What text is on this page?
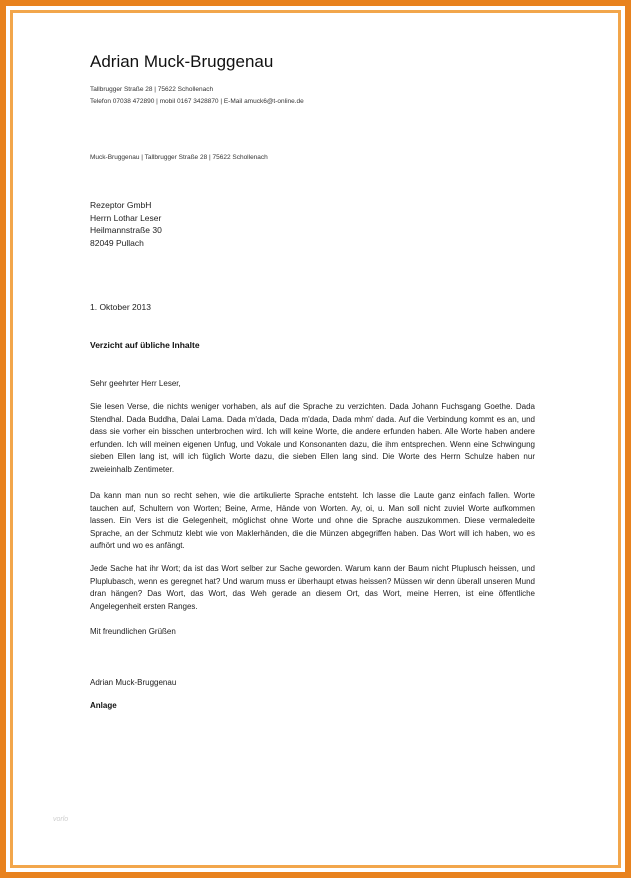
Adrian Muck-Bruggenau
Tallbrugger Straße 28 | 75622 Schollenach
Telefon 07038 472890 | mobil 0167 3428870 | E-Mail amuck6@t-online.de
Muck-Bruggenau | Tallbrugger Straße 28 | 75622 Schollenach
Rezeptor GmbH
Herrn Lothar Leser
Heilmannstraße 30
82049 Pullach
1. Oktober 2013
Verzicht auf übliche Inhalte
Sehr geehrter Herr Leser,
Sie lesen Verse, die nichts weniger vorhaben, als auf die Sprache zu verzichten. Dada Johann Fuchsgang Goethe. Dada Stendhal. Dada Buddha, Dalai Lama. Dada m'dada, Dada m'dada, Dada mhm' dada. Auf die Verbindung kommt es an, und dass sie vorher ein bisschen unterbrochen wird. Ich will keine Worte, die andere erfunden haben. Alle Worte haben andere erfunden. Ich will meinen eigenen Unfug, und Vokale und Konsonanten dazu, die ihm entsprechen. Wenn eine Schwingung sieben Ellen lang ist, will ich füglich Worte dazu, die sieben Ellen lang sind. Die Worte des Herrn Schulze haben nur zweieinhalb Zentimeter.
Da kann man nun so recht sehen, wie die artikulierte Sprache entsteht. Ich lasse die Laute ganz einfach fallen. Worte tauchen auf, Schultern von Worten; Beine, Arme, Hände von Worten. Ay, oi, u. Man soll nicht zuviel Worte aufkommen lassen. Ein Vers ist die Gelegenheit, möglichst ohne Worte und ohne die Sprache auszukommen. Diese vermaledeite Sprache, an der Schmutz klebt wie von Maklerhänden, die die Münzen abgegriffen haben. Das Wort will ich haben, wo es aufhört und wo es anfängt.
Jede Sache hat ihr Wort; da ist das Wort selber zur Sache geworden. Warum kann der Baum nicht Pluplusch heissen, und Pluplubasch, wenn es geregnet hat? Und warum muss er überhaupt etwas heissen? Müssen wir denn überall unseren Mund dran hängen? Das Wort, das Wort, das Weh gerade an diesem Ort, das Wort, meine Herren, ist eine öffentliche Angelegenheit ersten Ranges.
Mit freundlichen Grüßen
Adrian Muck-Bruggenau
Anlage
vorlo
